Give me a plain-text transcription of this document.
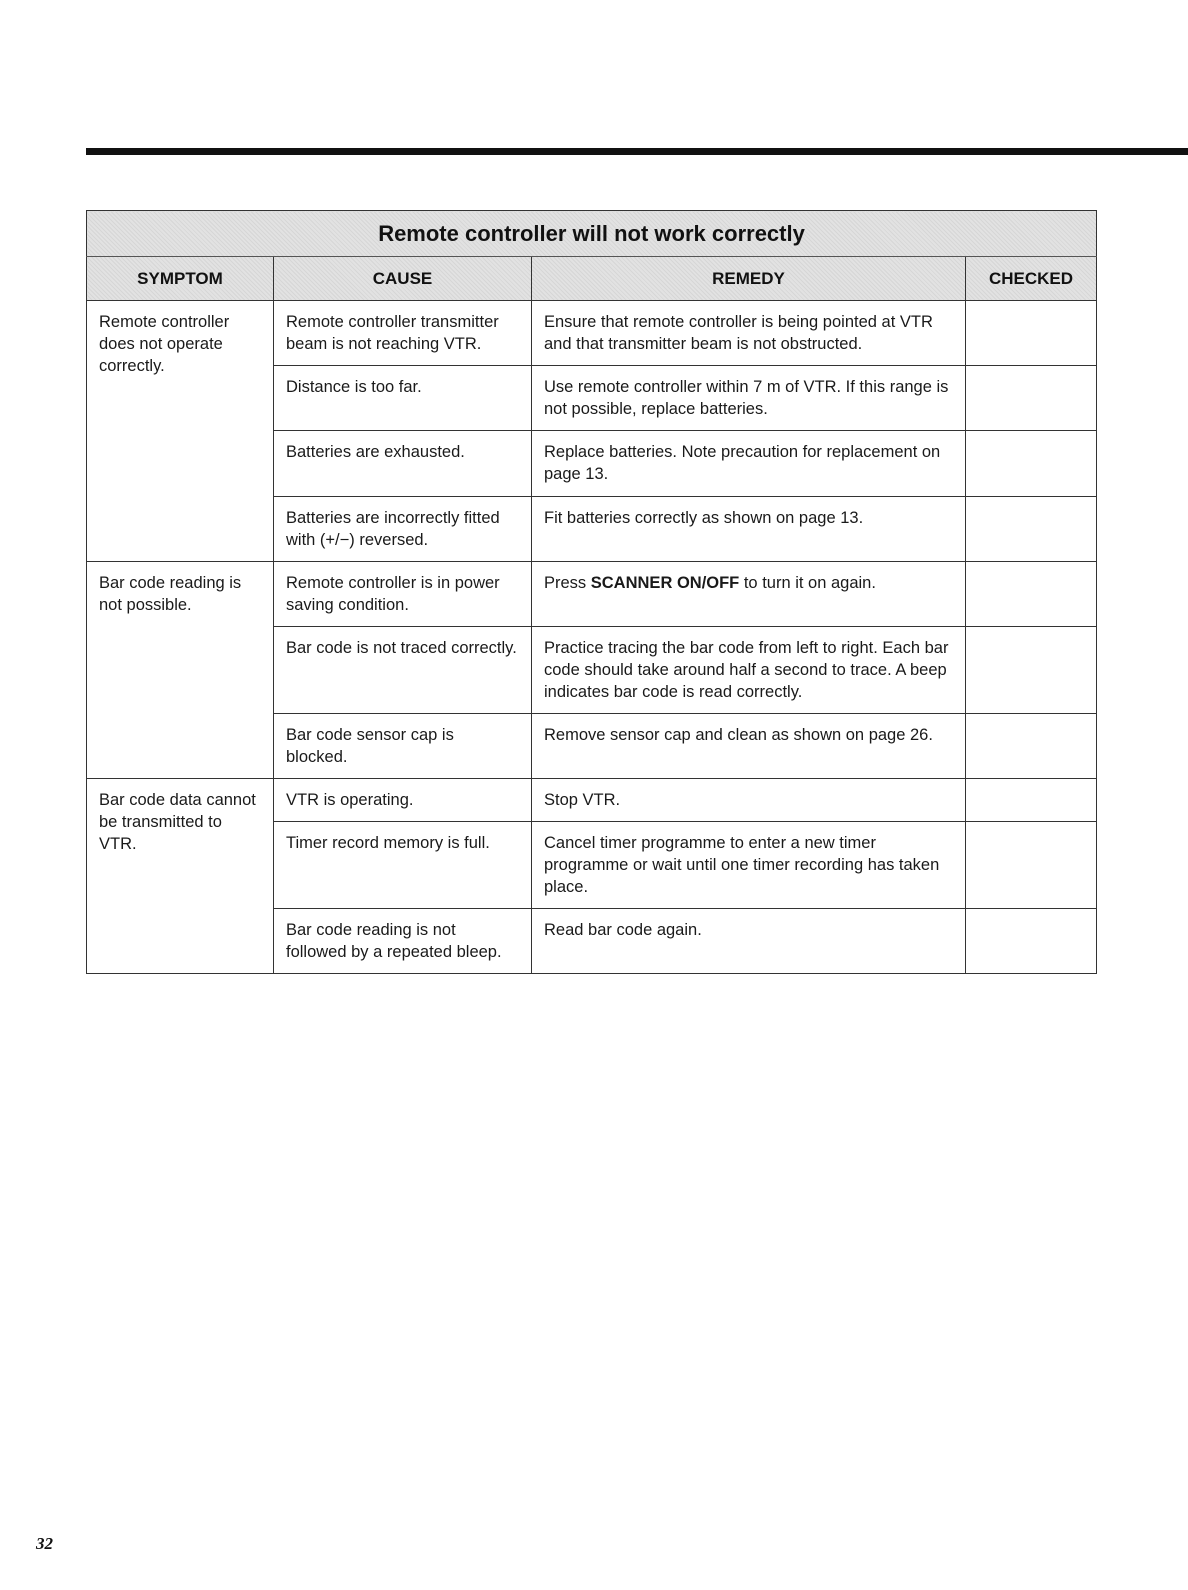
Remote controller will not work correctly			
SYMPTOM	CAUSE	REMEDY	CHECKED
Remote controller does not operate correctly.	Remote controller transmitter beam is not reaching VTR.	Ensure that remote controller is being pointed at VTR and that transmitter beam is not obstructed.	
	Distance is too far.	Use remote controller within 7 m of VTR. If this range is not possible, replace batteries.	
	Batteries are exhausted.	Replace batteries. Note precaution for replacement on page 13.	
	Batteries are incorrectly fitted with (+/−) reversed.	Fit batteries correctly as shown on page 13.	
Bar code reading is not possible.	Remote controller is in power saving condition.	Press SCANNER ON/OFF to turn it on again.	
	Bar code is not traced correctly.	Practice tracing the bar code from left to right. Each bar code should take around half a second to trace. A beep indicates bar code is read correctly.	
	Bar code sensor cap is blocked.	Remove sensor cap and clean as shown on page 26.	
Bar code data cannot be transmitted to VTR.	VTR is operating.	Stop VTR.	
	Timer record memory is full.	Cancel timer programme to enter a new timer programme or wait until one timer recording has taken place.	
	Bar code reading is not followed by a repeated bleep.	Read bar code again.	
32
